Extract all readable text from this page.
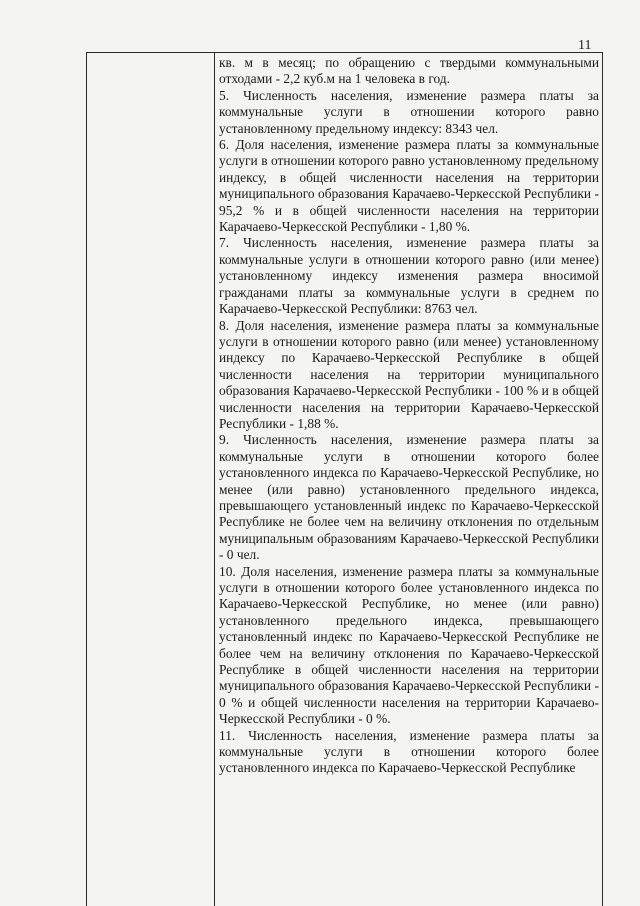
11

кв. м в месяц; по обращению с твердыми коммунальными отходами - 2,2 куб.м на 1 человека в год.

5. Численность населения, изменение размера платы за коммунальные услуги в отношении которого равно установленному предельному индексу: 8343 чел.

6. Доля населения, изменение размера платы за коммунальные услуги в отношении которого равно установленному предельному индексу, в общей численности населения на территории муниципального образования Карачаево-Черкесской Республики - 95,2 % и в общей численности населения на территории Карачаево-Черкесской Республики - 1,80 %.

7. Численность населения, изменение размера платы за коммунальные услуги в отношении которого равно (или менее) установленному индексу изменения размера вносимой гражданами платы за коммунальные услуги в среднем по Карачаево-Черкесской Республики: 8763 чел.

8. Доля населения, изменение размера платы за коммунальные услуги в отношении которого равно (или менее) установленному индексу по Карачаево-Черкесской Республике в общей численности населения на территории муниципального образования Карачаево-Черкесской Республики - 100 % и в общей численности населения на территории Карачаево-Черкесской Республики - 1,88 %.

9. Численность населения, изменение размера платы за коммунальные услуги в отношении которого более установленного индекса по Карачаево-Черкесской Республике, но менее (или равно) установленного предельного индекса, превышающего установленный индекс по Карачаево-Черкесской Республике не более чем на величину отклонения по отдельным муниципальным образованиям Карачаево-Черкесской Республики - 0 чел.

10. Доля населения, изменение размера платы за коммунальные услуги в отношении которого более установленного индекса по Карачаево-Черкесской Республике, но менее (или равно) установленного предельного индекса, превышающего установленный индекс по Карачаево-Черкесской Республике не более чем на величину отклонения по Карачаево-Черкесской Республике в общей численности населения на территории муниципального образования Карачаево-Черкесской Республики - 0 % и общей численности населения на территории Карачаево-Черкесской Республики - 0 %.

11. Численность населения, изменение размера платы за коммунальные услуги в отношении которого более установленного индекса по Карачаево-Черкесской Республике
